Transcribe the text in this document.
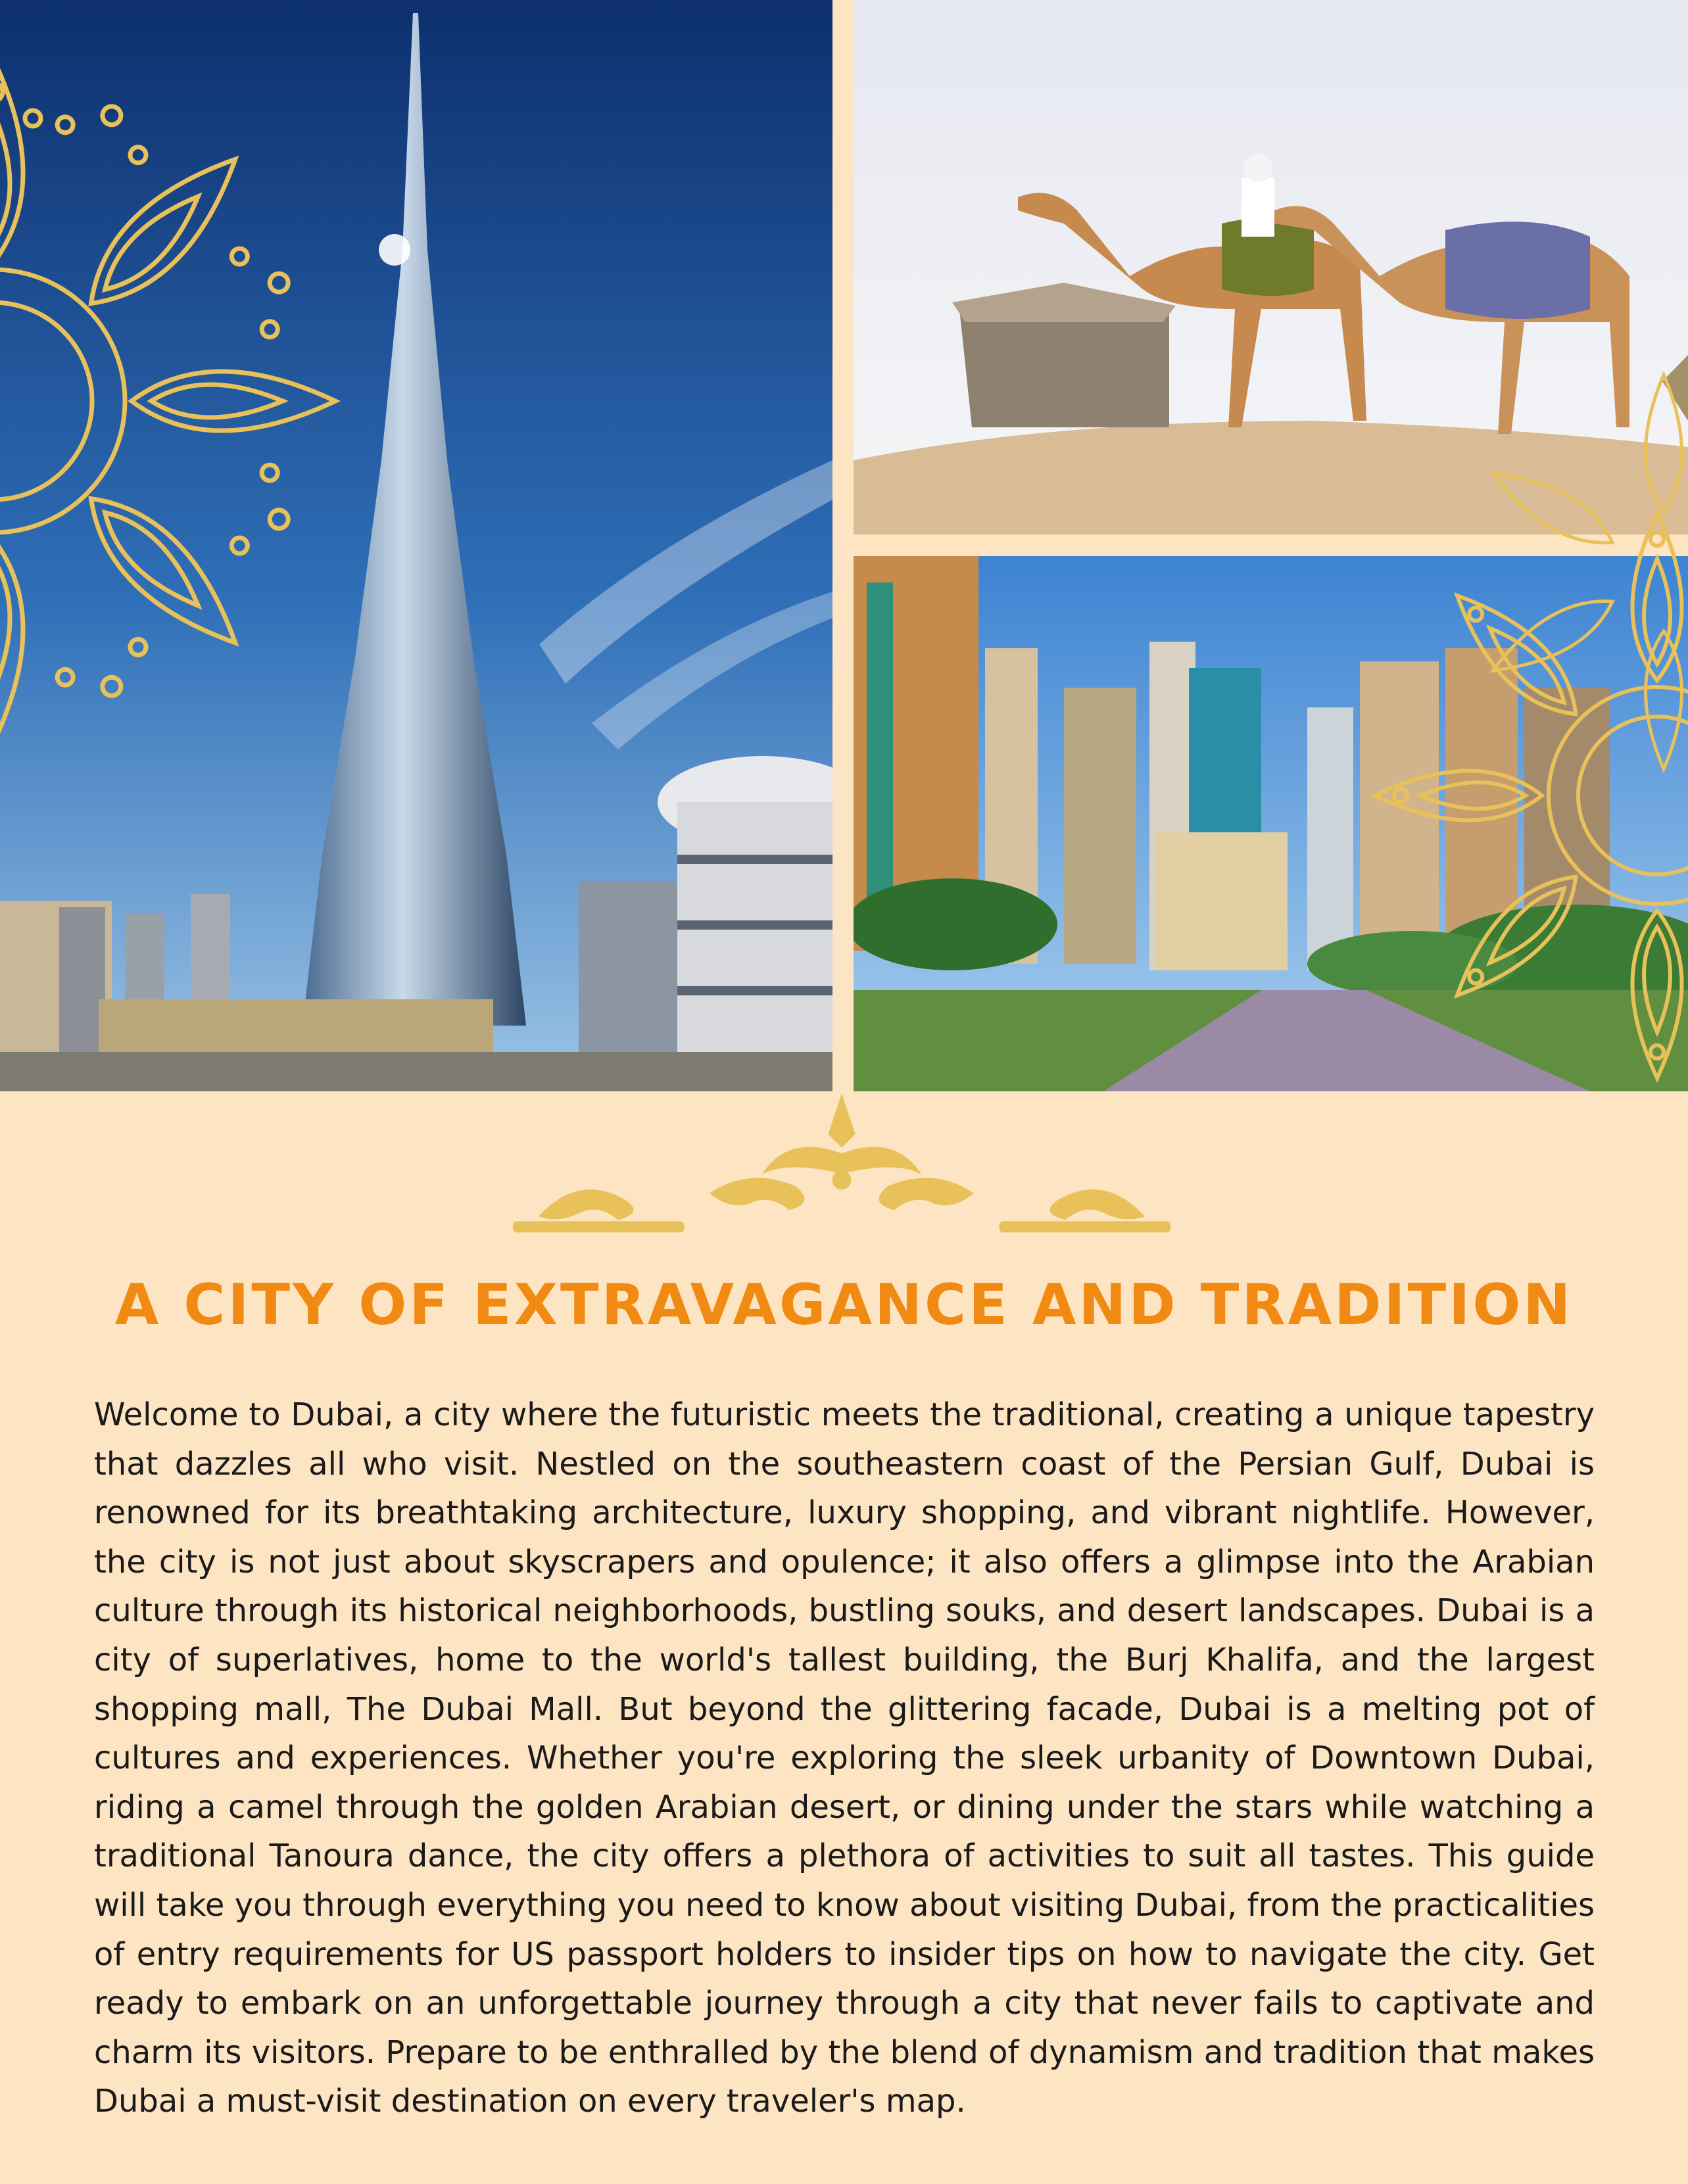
A CITY OF EXTRAVAGANCE AND TRADITION

Welcome to Dubai, a city where the futuristic meets the traditional, creating a unique tapestry that dazzles all who visit. Nestled on the southeastern coast of the Persian Gulf, Dubai is renowned for its breathtaking architecture, luxury shopping, and vibrant nightlife. However, the city is not just about skyscrapers and opulence; it also offers a glimpse into the Arabian culture through its historical neighborhoods, bustling souks, and desert landscapes. Dubai is a city of superlatives, home to the world's tallest building, the Burj Khalifa, and the largest shopping mall, The Dubai Mall. But beyond the glittering facade, Dubai is a melting pot of cultures and experiences. Whether you're exploring the sleek urbanity of Downtown Dubai, riding a camel through the golden Arabian desert, or dining under the stars while watching a traditional Tanoura dance, the city offers a plethora of activities to suit all tastes. This guide will take you through everything you need to know about visiting Dubai, from the practicalities of entry requirements for US passport holders to insider tips on how to navigate the city. Get ready to embark on an unforgettable journey through a city that never fails to captivate and charm its visitors. Prepare to be enthralled by the blend of dynamism and tradition that makes Dubai a must-visit destination on every traveler's map.
